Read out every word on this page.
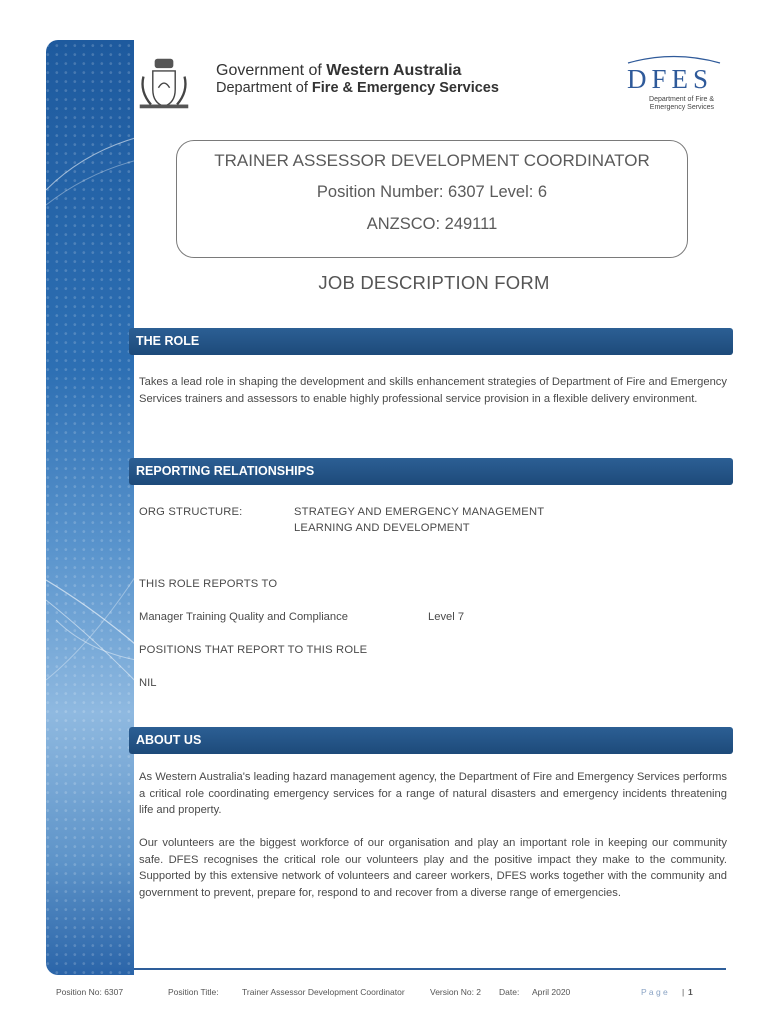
Government of Western Australia
Department of Fire & Emergency Services	DFES
Department of Fire &
Emergency Services
TRAINER ASSESSOR DEVELOPMENT COORDINATOR
Position Number: 6307 Level: 6
ANZSCO: 249111
JOB DESCRIPTION FORM
THE ROLE
Takes a lead role in shaping the development and skills enhancement strategies of Department of Fire and Emergency Services trainers and assessors to enable highly professional service provision in a flexible delivery environment.
REPORTING RELATIONSHIPS
ORG STRUCTURE:	STRATEGY AND EMERGENCY MANAGEMENT
LEARNING AND DEVELOPMENT
THIS ROLE REPORTS TO
Manager Training Quality and Compliance	Level 7
POSITIONS THAT REPORT TO THIS ROLE
NIL
ABOUT US
As Western Australia's leading hazard management agency, the Department of Fire and Emergency Services performs a critical role coordinating emergency services for a range of natural disasters and emergency incidents threatening life and property.
Our volunteers are the biggest workforce of our organisation and play an important role in keeping our community safe. DFES recognises the critical role our volunteers play and the positive impact they make to the community. Supported by this extensive network of volunteers and career workers, DFES works together with the community and government to prevent, prepare for, respond to and recover from a diverse range of emergencies.
Position No: 6307	Position Title:	Trainer Assessor Development Coordinator	Version No: 2 Date: April 2020	P a g e | 1
